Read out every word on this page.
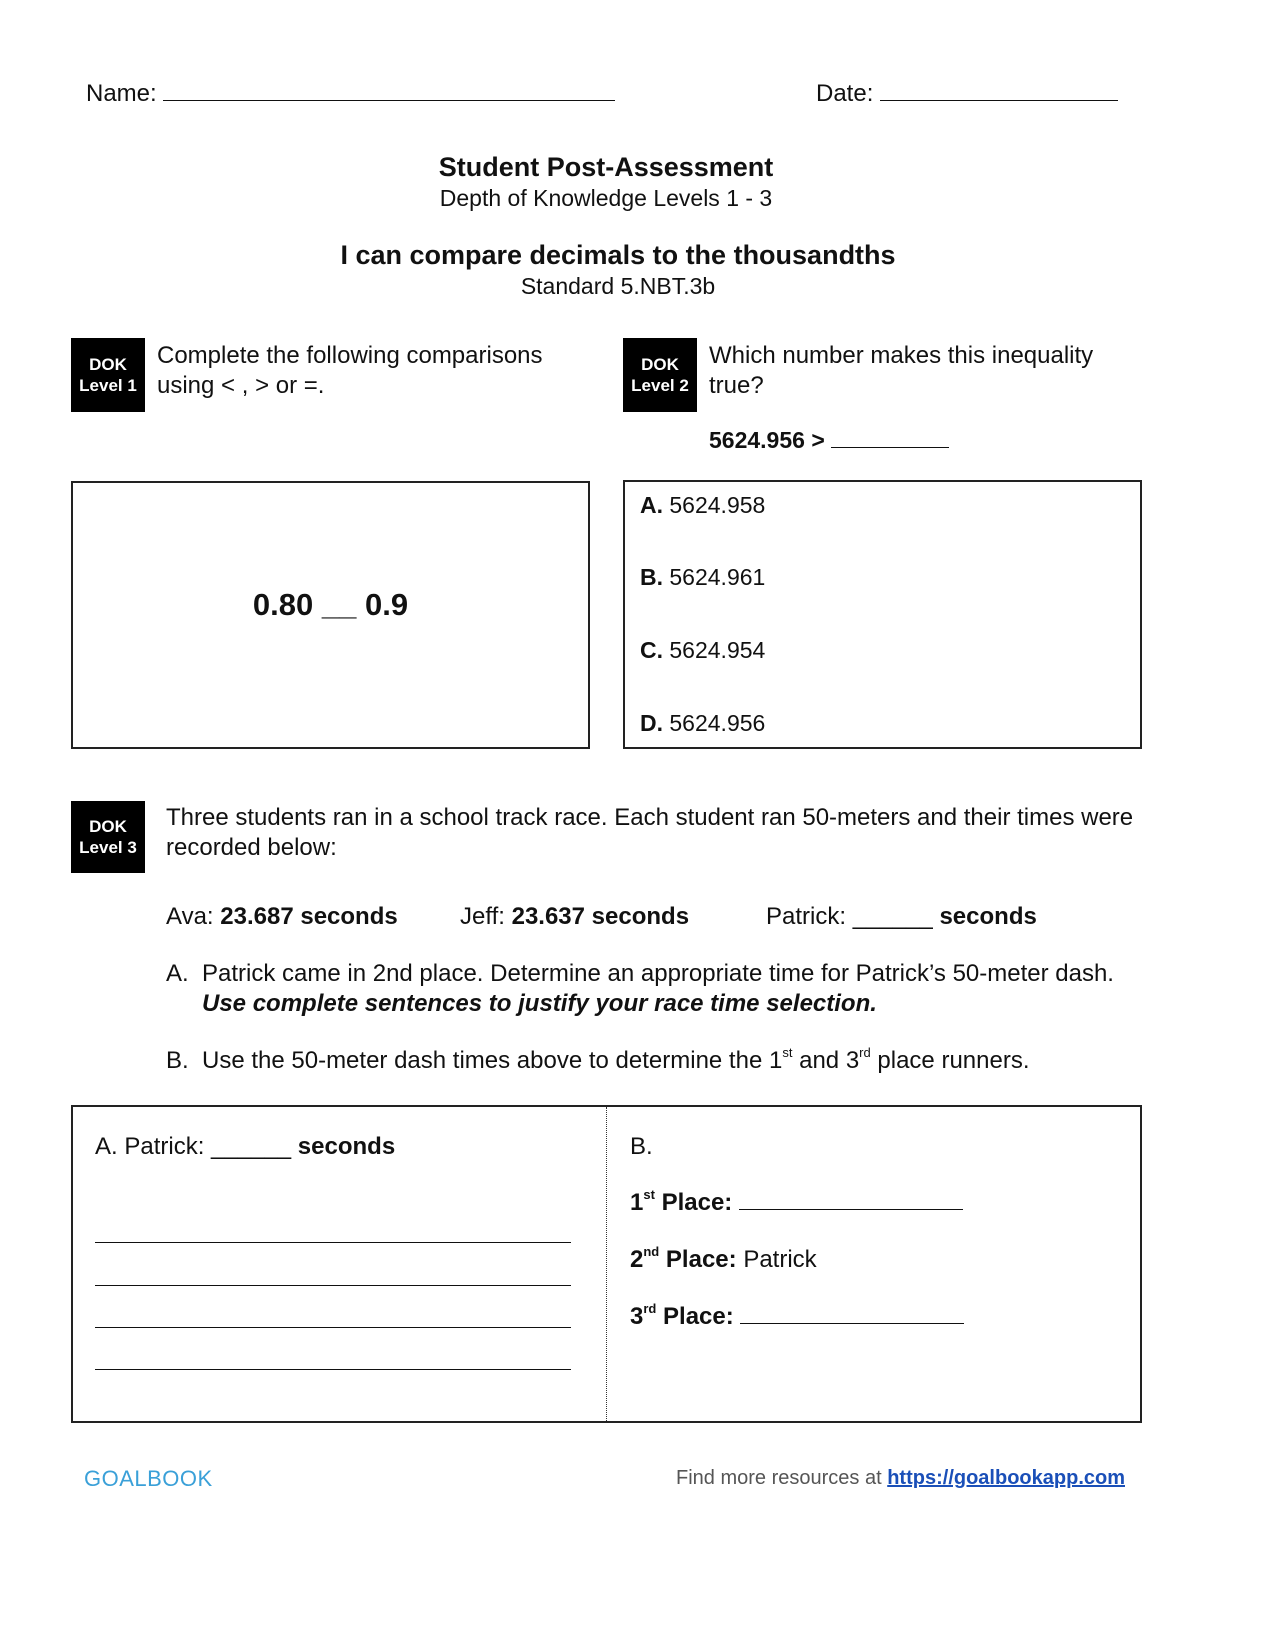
Name:	Date:
Student Post-Assessment
Depth of Knowledge Levels 1 - 3
I can compare decimals to the thousandths
Standard 5.NBT.3b
DOK
Level 1
Complete the following comparisons
using < , > or =.
0.80 __ 0.9
DOK
Level 2
Which number makes this inequality
true?
5624.956 >
A. 5624.958
B. 5624.961
C. 5624.954
D. 5624.956
DOK
Level 3
Three students ran in a school track race. Each student ran 50-meters and their times were
recorded below:
Ava: 23.687 seconds	Jeff: 23.637 seconds	Patrick: ______ seconds
A. Patrick came in 2nd place. Determine an appropriate time for Patrick’s 50-meter dash.
Use complete sentences to justify your race time selection.
B. Use the 50-meter dash times above to determine the 1st and 3rd place runners.
A. Patrick: ______ seconds	B.
1st Place:
2nd Place: Patrick
3rd Place:
GOALBOOK	Find more resources at https://goalbookapp.com
